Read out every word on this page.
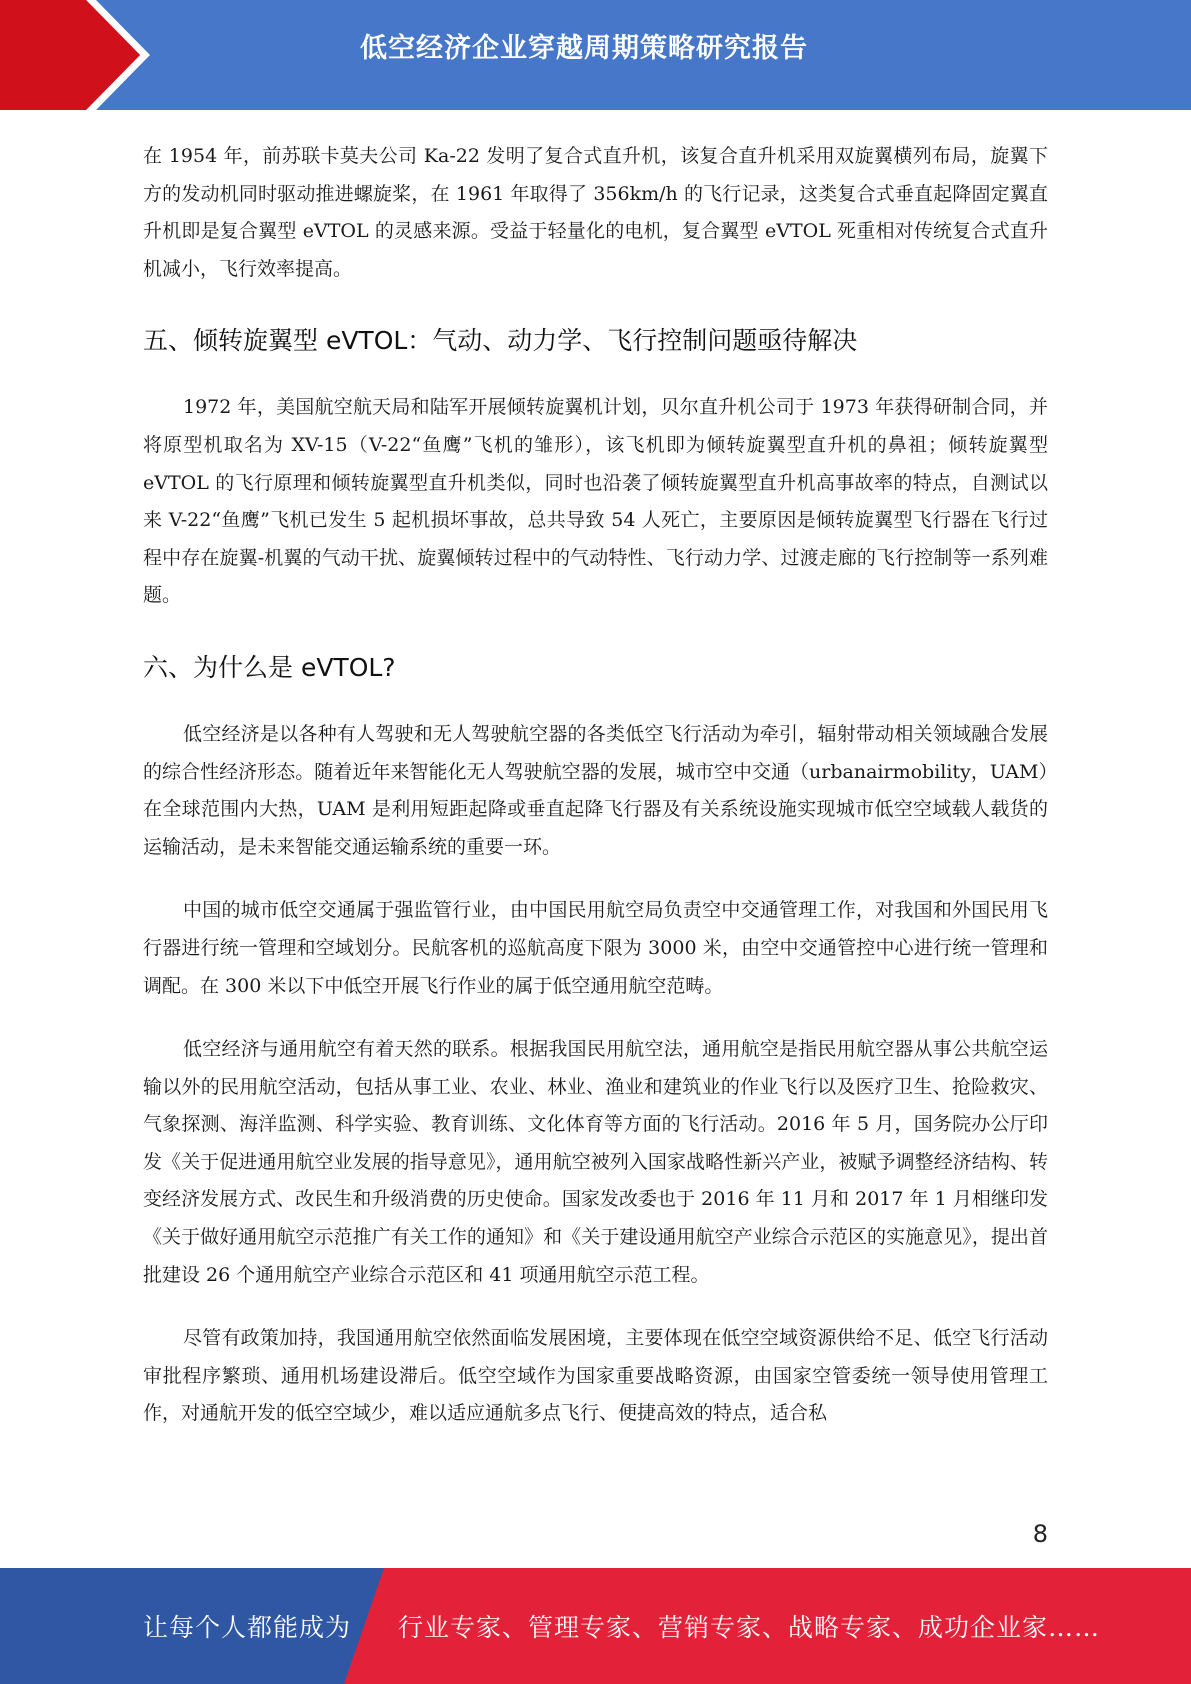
低空经济企业穿越周期策略研究报告

在 1954 年，前苏联卡莫夫公司 Ka-22 发明了复合式直升机，该复合直升机采用双旋翼横列布局，旋翼下方的发动机同时驱动推进螺旋桨，在 1961 年取得了 356km/h 的飞行记录，这类复合式垂直起降固定翼直升机即是复合翼型 eVTOL 的灵感来源。受益于轻量化的电机，复合翼型 eVTOL 死重相对传统复合式直升机减小，飞行效率提高。

五、倾转旋翼型 eVTOL：气动、动力学、飞行控制问题亟待解决

1972 年，美国航空航天局和陆军开展倾转旋翼机计划，贝尔直升机公司于 1973 年获得研制合同，并将原型机取名为 XV-15（V-22“鱼鹰”飞机的雏形），该飞机即为倾转旋翼型直升机的鼻祖；倾转旋翼型 eVTOL 的飞行原理和倾转旋翼型直升机类似，同时也沿袭了倾转旋翼型直升机高事故率的特点，自测试以来 V-22“鱼鹰”飞机已发生 5 起机损坏事故，总共导致 54 人死亡，主要原因是倾转旋翼型飞行器在飞行过程中存在旋翼-机翼的气动干扰、旋翼倾转过程中的气动特性、飞行动力学、过渡走廊的飞行控制等一系列难题。

六、为什么是 eVTOL?

低空经济是以各种有人驾驶和无人驾驶航空器的各类低空飞行活动为牵引，辐射带动相关领域融合发展的综合性经济形态。随着近年来智能化无人驾驶航空器的发展，城市空中交通（urbanairmobility，UAM）在全球范围内大热，UAM 是利用短距起降或垂直起降飞行器及有关系统设施实现城市低空空域载人载货的运输活动，是未来智能交通运输系统的重要一环。

中国的城市低空交通属于强监管行业，由中国民用航空局负责空中交通管理工作，对我国和外国民用飞行器进行统一管理和空域划分。民航客机的巡航高度下限为 3000 米，由空中交通管控中心进行统一管理和调配。在 300 米以下中低空开展飞行作业的属于低空通用航空范畴。

低空经济与通用航空有着天然的联系。根据我国民用航空法，通用航空是指民用航空器从事公共航空运输以外的民用航空活动，包括从事工业、农业、林业、渔业和建筑业的作业飞行以及医疗卫生、抢险救灾、气象探测、海洋监测、科学实验、教育训练、文化体育等方面的飞行活动。2016 年 5 月，国务院办公厅印发《关于促进通用航空业发展的指导意见》，通用航空被列入国家战略性新兴产业，被赋予调整经济结构、转变经济发展方式、改民生和升级消费的历史使命。国家发改委也于 2016 年 11 月和 2017 年 1 月相继印发《关于做好通用航空示范推广有关工作的通知》和《关于建设通用航空产业综合示范区的实施意见》，提出首批建设 26 个通用航空产业综合示范区和 41 项通用航空示范工程。

尽管有政策加持，我国通用航空依然面临发展困境，主要体现在低空空域资源供给不足、低空飞行活动审批程序繁琐、通用机场建设滞后。低空空域作为国家重要战略资源，由国家空管委统一领导使用管理工作，对通航开发的低空空域少，难以适应通航多点飞行、便捷高效的特点，适合私

8
让每个人都能成为 行业专家、管理专家、营销专家、战略专家、成功企业家……
